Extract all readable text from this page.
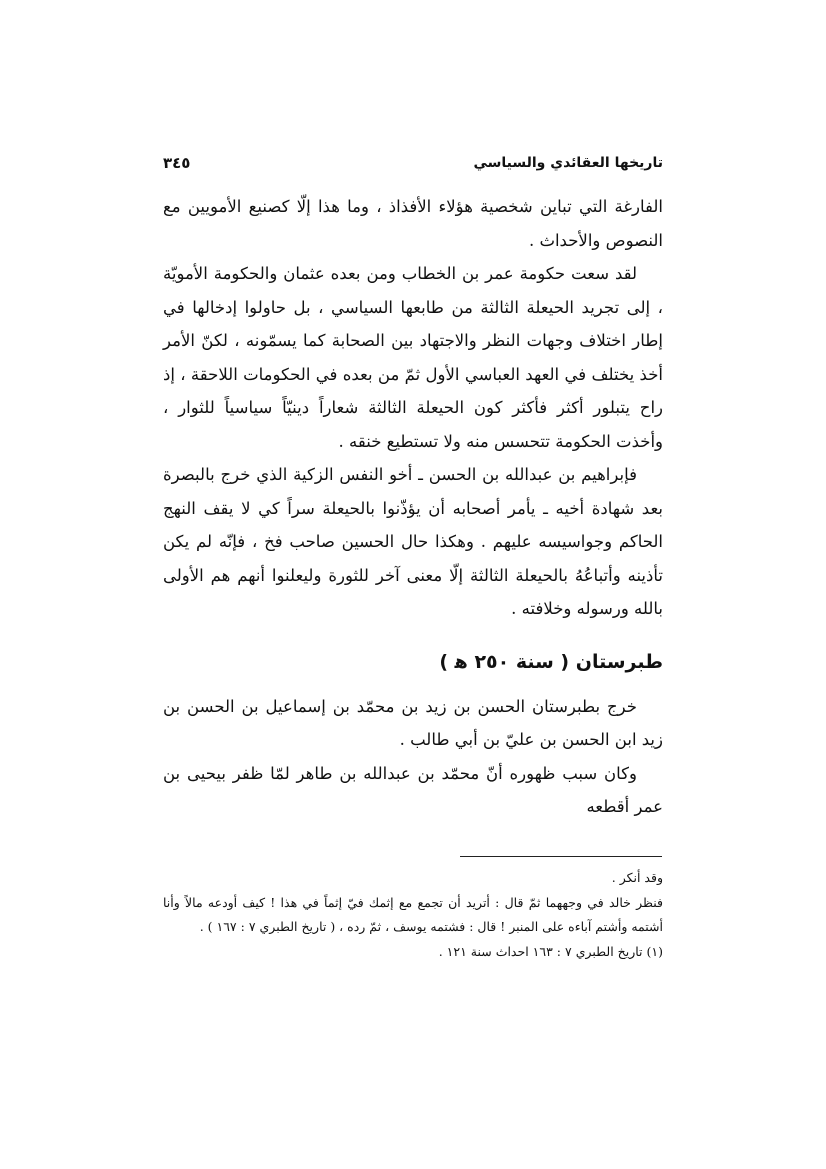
تاريخها العقائدي والسياسي
٣٤٥

الفارغة التي تباين شخصية هؤلاء الأفذاذ ، وما هذا إلّا كصنيع الأمويين مع النصوص والأحداث .

لقد سعت حكومة عمر بن الخطاب ومن بعده عثمان والحكومة الأمويّة ، إلى تجريد الحيعلة الثالثة من طابعها السياسي ، بل حاولوا إدخالها في إطار اختلاف وجهات النظر والاجتهاد بين الصحابة كما يسمّونه ، لكنّ الأمر أخذ يختلف في العهد العباسي الأول ثمّ من بعده في الحكومات اللاحقة ، إذ راح يتبلور أكثر فأكثر كون الحيعلة الثالثة شعاراً دينيّاً سياسياً للثوار ، وأخذت الحكومة تتحسس منه ولا تستطيع خنقه .

فإبراهيم بن عبدالله بن الحسن ـ أخو النفس الزكية الذي خرج بالبصرة بعد شهادة أخيه ـ يأمر أصحابه أن يؤذّنوا بالحيعلة سراً كي لا يقف النهج الحاكم وجواسيسه عليهم . وهكذا حال الحسين صاحب فخ ، فإنّه لم يكن تأذينه وأتباعُهُ بالحيعلة الثالثة إلّا معنى آخر للثورة وليعلنوا أنهم هم الأولى بالله ورسوله وخلافته .

طبرستان ( سنة ٢٥٠ ه‍ )

خرج بطبرستان الحسن بن زيد بن محمّد بن إسماعيل بن الحسن بن زيد ابن الحسن بن عليّ بن أبي طالب .

وكان سبب ظهوره أنّ محمّد بن عبدالله بن طاهر لمّا ظفر بيحيى بن عمر أقطعه

وقد أنكر .

فنظر خالد في وجههما ثمّ قال : أتريد أن تجمع مع إثمك فيّ إثماً في هذا ! كيف أودعه مالاً وأنا أشتمه وأشتم آباءه على المنبر ! قال : فشتمه يوسف ، ثمّ رده ، ( تاريخ الطبري ٧ : ١٦٧ ) .

(١) تاريخ الطبري ٧ : ١٦٣ احداث سنة ١٢١ .
